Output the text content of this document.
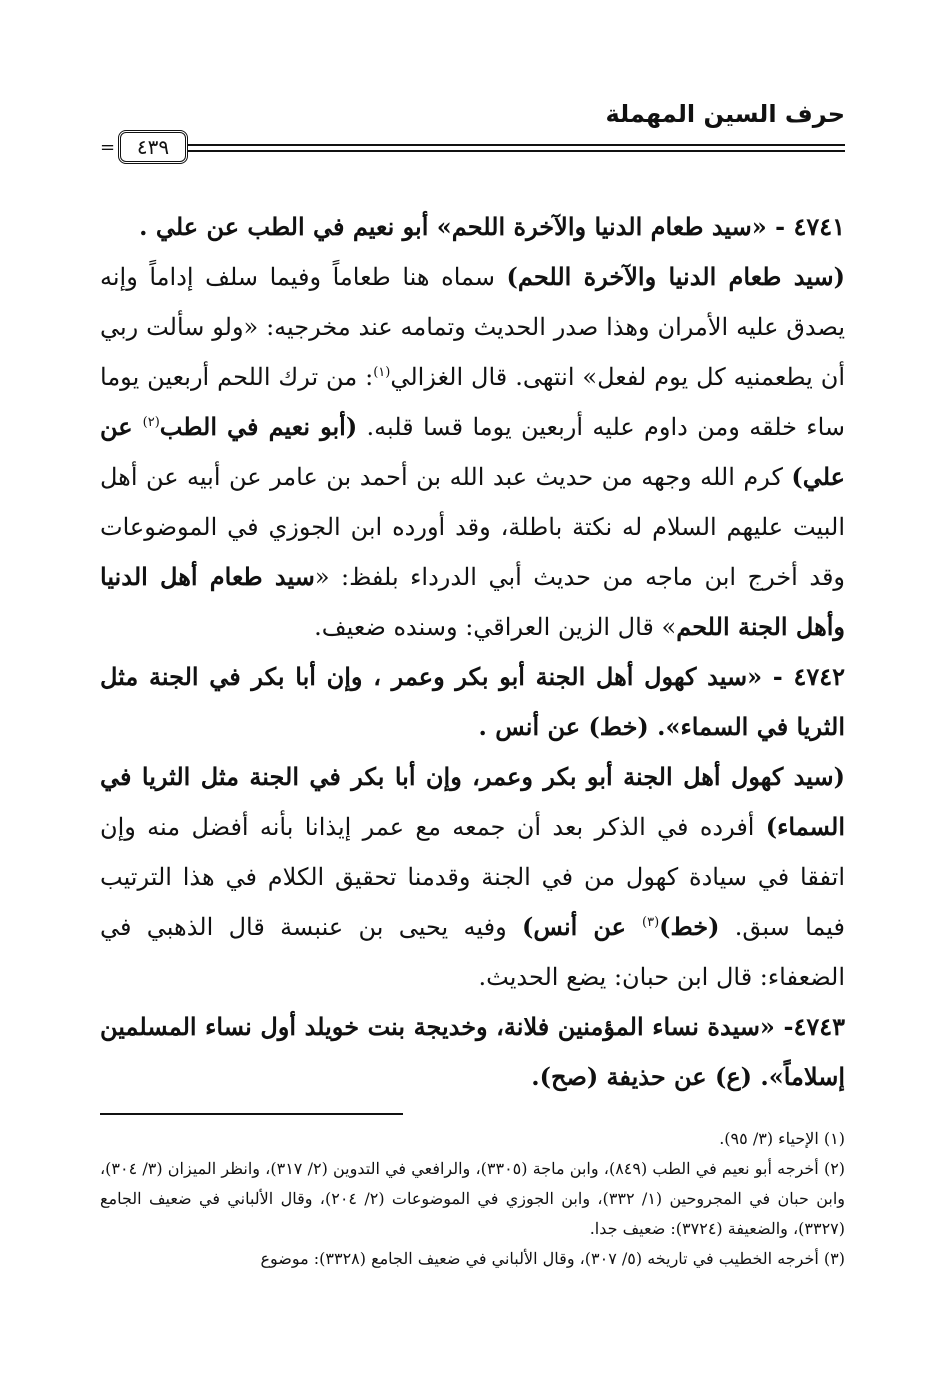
حرف السين المهملة
٤٣٩
=

٤٧٤١ - «سيد طعام الدنيا والآخرة اللحم» أبو نعيم في الطب عن علي .

(سيد طعام الدنيا والآخرة اللحم) سماه هنا طعاماً وفيما سلف إداماً وإنه يصدق عليه الأمران وهذا صدر الحديث وتمامه عند مخرجيه: «ولو سألت ربي أن يطعمنيه كل يوم لفعل» انتهى. قال الغزالي$^{(١)}$: من ترك اللحم أربعين يوما ساء خلقه ومن داوم عليه أربعين يوما قسا قلبه. (أبو نعيم في الطب$^{(٢)}$ عن علي) كرم الله وجهه من حديث عبد الله بن أحمد بن عامر عن أبيه عن أهل البيت عليهم السلام له نكتة باطلة، وقد أورده ابن الجوزي في الموضوعات وقد أخرج ابن ماجه من حديث أبي الدرداء بلفظ: «سيد طعام أهل الدنيا وأهل الجنة اللحم» قال الزين العراقي: وسنده ضعيف.

٤٧٤٢ - «سيد كهول أهل الجنة أبو بكر وعمر ، وإن أبا بكر في الجنة مثل الثريا في السماء». (خط) عن أنس .

(سيد كهول أهل الجنة أبو بكر وعمر، وإن أبا بكر في الجنة مثل الثريا في السماء) أفرده في الذكر بعد أن جمعه مع عمر إيذانا بأنه أفضل منه وإن اتفقا في سيادة كهول من في الجنة وقدمنا تحقيق الكلام في هذا الترتيب فيما سبق. (خط)$^{(٣)}$ عن أنس) وفيه يحيى بن عنبسة قال الذهبي في الضعفاء: قال ابن حبان: يضع الحديث.

٤٧٤٣- «سيدة نساء المؤمنين فلانة، وخديجة بنت خويلد أول نساء المسلمين إسلاماً». (ع) عن حذيفة (صح).

(١) الإحياء (٣/ ٩٥).

(٢) أخرجه أبو نعيم في الطب (٨٤٩)، وابن ماجة (٣٣٠٥)، والرافعي في التدوين (٢/ ٣١٧)، وانظر الميزان (٣/ ٣٠٤)، وابن حبان في المجروحين (١/ ٣٣٢)، وابن الجوزي في الموضوعات (٢/ ٢٠٤)، وقال الألباني في ضعيف الجامع (٣٣٢٧)، والضعيفة (٣٧٢٤): ضعيف جدا.

(٣) أخرجه الخطيب في تاريخه (٥/ ٣٠٧)، وقال الألباني في ضعيف الجامع (٣٣٢٨): موضوع
